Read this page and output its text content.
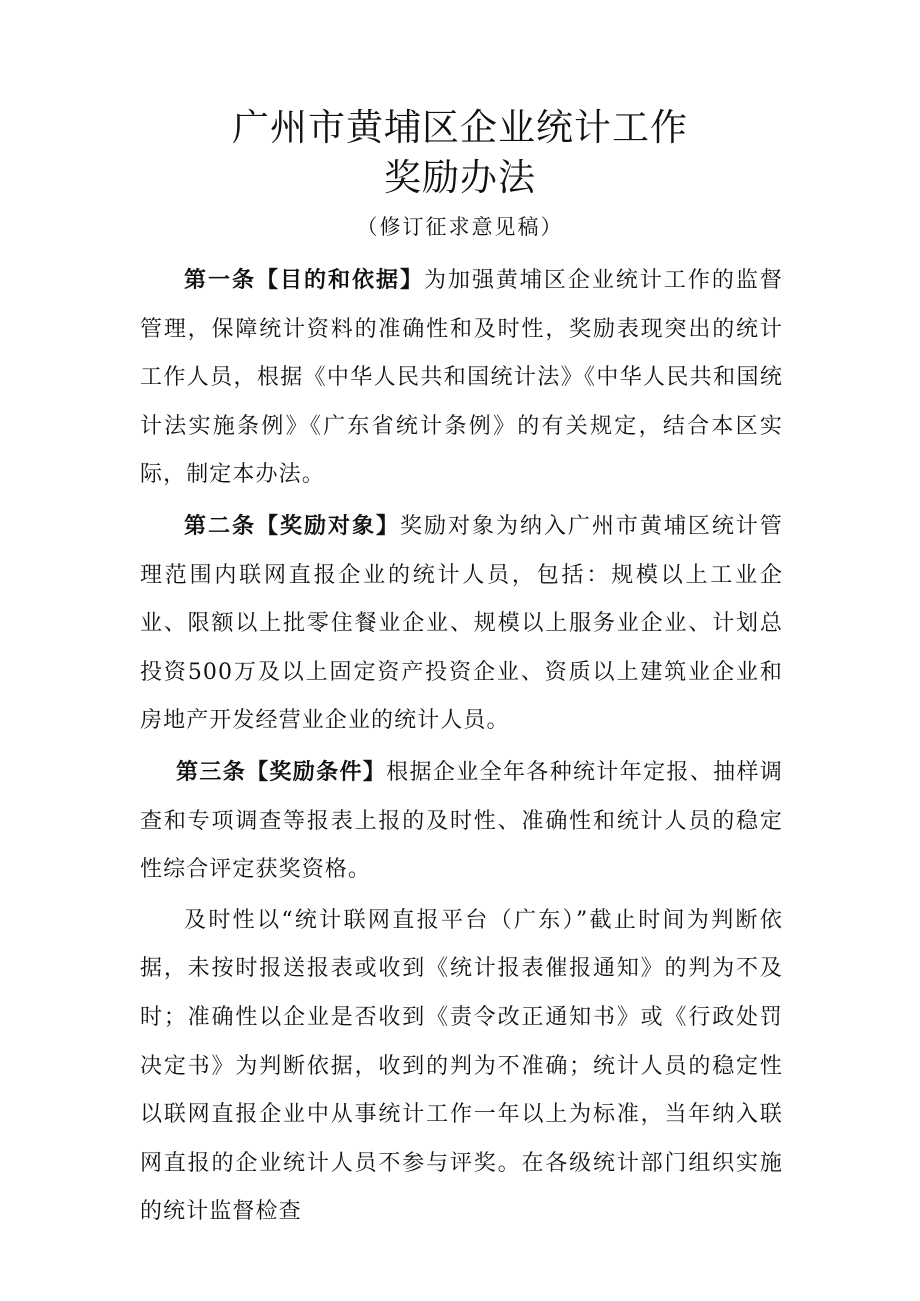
广州市黄埔区企业统计工作
奖励办法
（修订征求意见稿）

第一条【目的和依据】为加强黄埔区企业统计工作的监督管理，保障统计资料的准确性和及时性，奖励表现突出的统计工作人员，根据《中华人民共和国统计法》《中华人民共和国统计法实施条例》《广东省统计条例》的有关规定，结合本区实际，制定本办法。

第二条【奖励对象】奖励对象为纳入广州市黄埔区统计管理范围内联网直报企业的统计人员，包括：规模以上工业企业、限额以上批零住餐业企业、规模以上服务业企业、计划总投资500万及以上固定资产投资企业、资质以上建筑业企业和房地产开发经营业企业的统计人员。

第三条【奖励条件】根据企业全年各种统计年定报、抽样调查和专项调查等报表上报的及时性、准确性和统计人员的稳定性综合评定获奖资格。

及时性以“统计联网直报平台（广东）”截止时间为判断依据，未按时报送报表或收到《统计报表催报通知》的判为不及时；准确性以企业是否收到《责令改正通知书》或《行政处罚决定书》为判断依据，收到的判为不准确；统计人员的稳定性以联网直报企业中从事统计工作一年以上为标准，当年纳入联网直报的企业统计人员不参与评奖。在各级统计部门组织实施的统计监督检查
